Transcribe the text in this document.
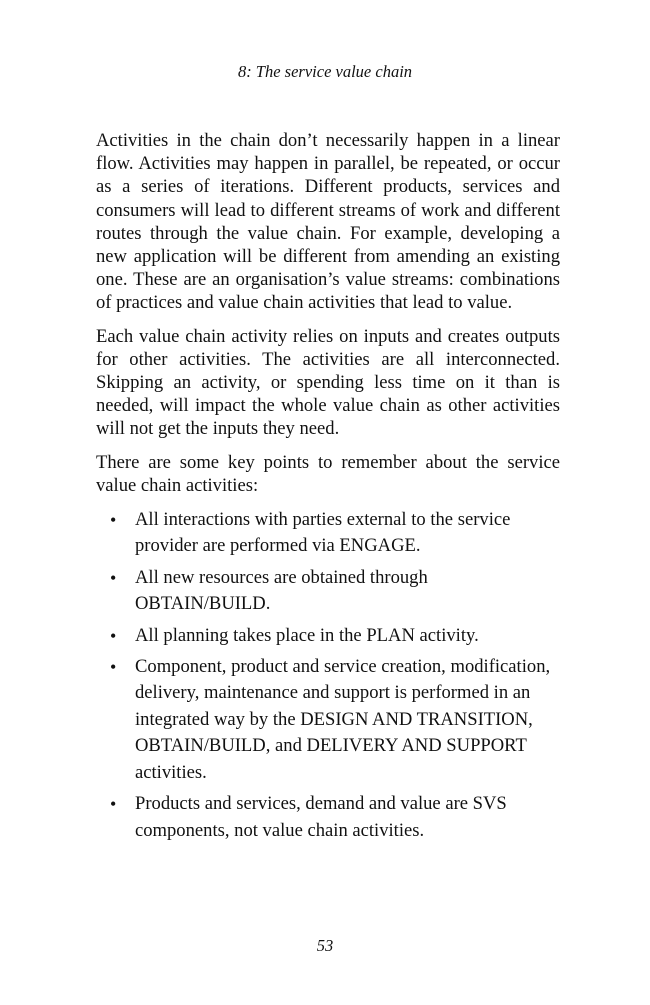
8: The service value chain

Activities in the chain don’t necessarily happen in a linear flow. Activities may happen in parallel, be repeated, or occur as a series of iterations. Different products, services and consumers will lead to different streams of work and different routes through the value chain. For example, developing a new application will be different from amending an existing one. These are an organisation’s value streams: combinations of practices and value chain activities that lead to value.

Each value chain activity relies on inputs and creates outputs for other activities. The activities are all interconnected. Skipping an activity, or spending less time on it than is needed, will impact the whole value chain as other activities will not get the inputs they need.

There are some key points to remember about the service value chain activities:

• All interactions with parties external to the service provider are performed via ENGAGE.
• All new resources are obtained through OBTAIN/BUILD.
• All planning takes place in the PLAN activity.
• Component, product and service creation, modification, delivery, maintenance and support is performed in an integrated way by the DESIGN AND TRANSITION, OBTAIN/BUILD, and DELIVERY AND SUPPORT activities.
• Products and services, demand and value are SVS components, not value chain activities.
53
